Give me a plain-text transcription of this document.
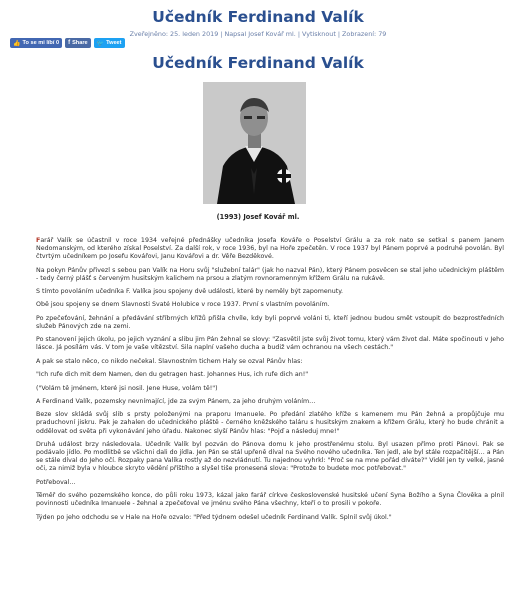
Učedník Ferdinand Valík
Zveřejněno: 25. leden 2019 | Napsal Josef Kovář ml. | Vytisknout | Zobrazení: 79
👍 To se mi líbí 0 f Share 🐦 Tweet
Učedník Ferdinand Valík
(1993) Josef Kovář ml.

Farář Valík se účastnil v roce 1934 veřejné přednášky učedníka Josefa Kováře o Poselství Grálu a za rok nato se setkal s panem Janem Nedomanským, od kterého získal Poselství. Za další rok, v roce 1936, byl na Hoře zpečetěn. V roce 1937 byl Pánem poprvé a podruhé povolán. Byl čtvrtým učedníkem po Josefu Kovářovi, Janu Kovářovi a dr. Věře Bezděkové.

Na pokyn Pánův přivezl s sebou pan Valík na Horu svůj "služební talár" (jak ho nazval Pán), který Pánem posvěcen se stal jeho učednickým pláštěm - tedy černý plášť s červeným husitským kalichem na prsou a zlatým rovnoramenným křížem Grálu na rukávě.

S tímto povoláním učedníka F. Valíka jsou spojeny dvě události, které by neměly být zapomenuty.

Obě jsou spojeny se dnem Slavnosti Svaté Holubice v roce 1937. První s vlastním povoláním.

Po zpečeťování, žehnání a předávání stříbrných křížů přišla chvíle, kdy byli poprvé voláni ti, kteří jednou budou smět vstoupit do bezprostředních služeb Pánových zde na zemi.

Po stanovení jejich úkolu, po jejich vyznání a slibu jim Pán žehnal se slovy: "Zasvětil jste svůj život tomu, který vám život dal. Máte spočinouti v Jeho lásce. Já posílám vás. V tom je vaše vítězství. Sila naplní vašeho ducha a budiž vám ochranou na všech cestách."

A pak se stalo něco, co nikdo nečekal. Slavnostním tichem Haly se ozval Pánův hlas:

"Ich rufe dich mit dem Namen, den du getragen hast. Johannes Hus, ich rufe dich an!"

("Volám tě jménem, které jsi nosil. Jene Huse, volám tě!")

A Ferdinand Valík, pozemsky nevnímající, jde za svým Pánem, za jeho druhým voláním…

Beze slov skládá svůj slib s prsty položenými na praporu Imanuele. Po předání zlatého kříže s kamenem mu Pán žehná a propůjčuje mu praduchovní jiskru. Pak je zahalen do učednického pláště - černého kněžského taláru s husitským znakem a křížem Grálu, který ho bude chránit a oddělovat od světa při vykonávání jeho úřadu. Nakonec slyší Pánův hlas: "Pojď a následuj mne!"

Druhá událost brzy následovala. Učedník Valík byl pozván do Pánova domu k jeho prostřenému stolu. Byl usazen přímo proti Pánovi. Pak se podávalo jídlo. Po modlitbě se všichni dali do jídla. Jen Pán se stál upřeně díval na Svého nového učedníka. Ten jedl, ale byl stále rozpačitější… a Pán se stále díval do Jeho očí. Rozpaky pana Valíka rostly až do nezvládnutí. Tu najednou vyhrkl: "Proč se na mne pořád díváte?" Viděl jen ty velké, jasné oči, za nimiž byla v hloubce skryto vědění příštího a slyšel tiše pronesená slova: "Protože to budete moc potřebovat."

Potřeboval…

Těměř do svého pozemského konce, do půli roku 1973, kázal jako farář církve československé husitské učení Syna Božího a Syna Člověka a plnil povinnosti učedníka Imanuele - žehnal a zpečeťoval ve jménu svého Pána všechny, kteří o to prosili v pokoře.

Týden po jeho odchodu se v Hale na Hoře ozvalo: "Před týdnem odešel učedník Ferdinand Valík. Splnil svůj úkol."
